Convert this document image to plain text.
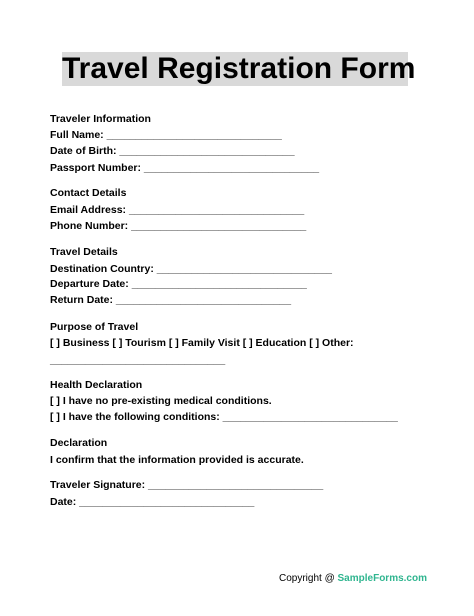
Travel Registration Form
Traveler Information
Full Name: ______________________________
Date of Birth: ______________________________
Passport Number: ______________________________
Contact Details
Email Address: ______________________________
Phone Number: ______________________________
Travel Details
Destination Country: ______________________________
Departure Date: ______________________________
Return Date: ______________________________
Purpose of Travel
[ ] Business [ ] Tourism [ ] Family Visit [ ] Education [ ] Other:
______________________________
Health Declaration
[ ] I have no pre-existing medical conditions.
[ ] I have the following conditions: ______________________________
Declaration
I confirm that the information provided is accurate.
Traveler Signature: ______________________________
Date: ______________________________
Copyright @ SampleForms.com
